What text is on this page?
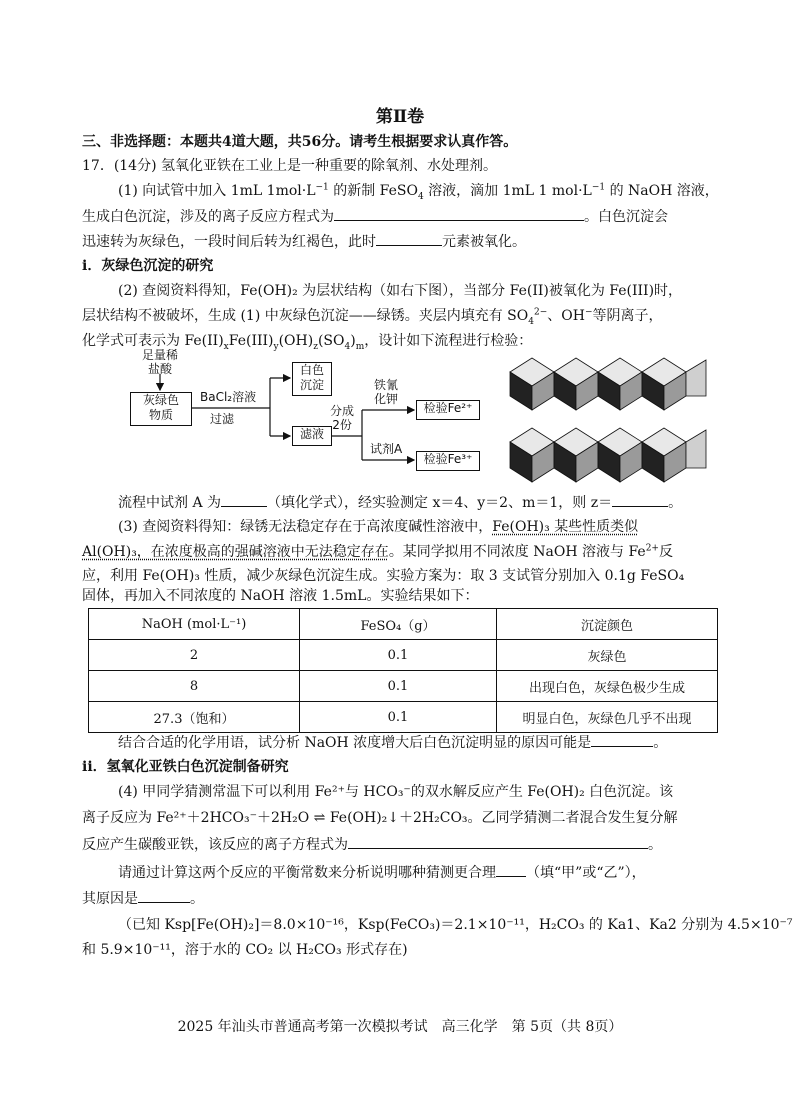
第Ⅱ卷
三、非选择题：本题共4道大题，共56分。请考生根据要求认真作答。
17．(14分) 氢氧化亚铁在工业上是一种重要的除氧剂、水处理剂。
(1) 向试管中加入 1mL $1mol\cdot L^{-1}$ 的新制 FeSO$_4$ 溶液，滴加 1mL 1 $mol\cdot L^{-1}$ 的 NaOH 溶液，
生成白色沉淀，涉及的离子反应方程式为	。白色沉淀会
迅速转为灰绿色，一段时间后转为红褐色，此时	元素被氧化。
i．灰绿色沉淀的研究
(2) 查阅资料得知，Fe(OH)₂ 为层状结构（如右下图），当部分 Fe(II)被氧化为 Fe(III)时，
层状结构不被破坏，生成 (1) 中灰绿色沉淀——绿锈。夹层内填充有 $SO_4^{2-}$、OH−等阴离子，
化学式可表示为 $Fe(II)_xFe(III)_y(OH)_z(SO_4)_m$，设计如下流程进行检验：
足量稀
盐酸
灰绿色
物质
BaCl₂溶液
过滤
白色
沉淀
滤液
分成
2份
铁氰
化钾
检验Fe²⁺
试剂A
检验Fe³⁺
流程中试剂 A 为	（填化学式），经实验测定 x＝4、y＝2、m＝1，则 z＝	。
(3) 查阅资料得知：绿锈无法稳定存在于高浓度碱性溶液中，Fe(OH)₃ 某些性质类似
Al(OH)₃，在浓度极高的强碱溶液中无法稳定存在。某同学拟用不同浓度 NaOH 溶液与 $Fe^{2+}$反
应，利用 Fe(OH)₃ 性质，减少灰绿色沉淀生成。实验方案为：取 3 支试管分别加入 0.1g FeSO₄
固体，再加入不同浓度的 NaOH 溶液 1.5mL。实验结果如下：
NaOH (mol·L⁻¹)	FeSO₄（g）	沉淀颜色
2	0.1	灰绿色
8	0.1	出现白色，灰绿色极少生成
27.3（饱和）	0.1	明显白色，灰绿色几乎不出现
结合合适的化学用语，试分析 NaOH 浓度增大后白色沉淀明显的原因可能是	。
ii．氢氧化亚铁白色沉淀制备研究
(4) 甲同学猜测常温下可以利用 Fe²⁺与 HCO₃⁻的双水解反应产生 Fe(OH)₂ 白色沉淀。该
离子反应为 Fe²⁺＋2HCO₃⁻＋2H₂O ⇌ Fe(OH)₂↓＋2H₂CO₃。乙同学猜测二者混合发生复分解
反应产生碳酸亚铁，该反应的离子方程式为	。
请通过计算这两个反应的平衡常数来分析说明哪种猜测更合理 （填“甲”或“乙”），
其原因是	。
（已知 Ksp[Fe(OH)₂]＝8.0×10⁻¹⁶，Ksp(FeCO₃)＝2.1×10⁻¹¹，H₂CO₃ 的 Ka1、Ka2 分别为 4.5×10⁻⁷
和 5.9×10⁻¹¹，溶于水的 CO₂ 以 H₂CO₃ 形式存在)
2025 年汕头市普通高考第一次模拟考试　高三化学　第 5页（共 8页）
